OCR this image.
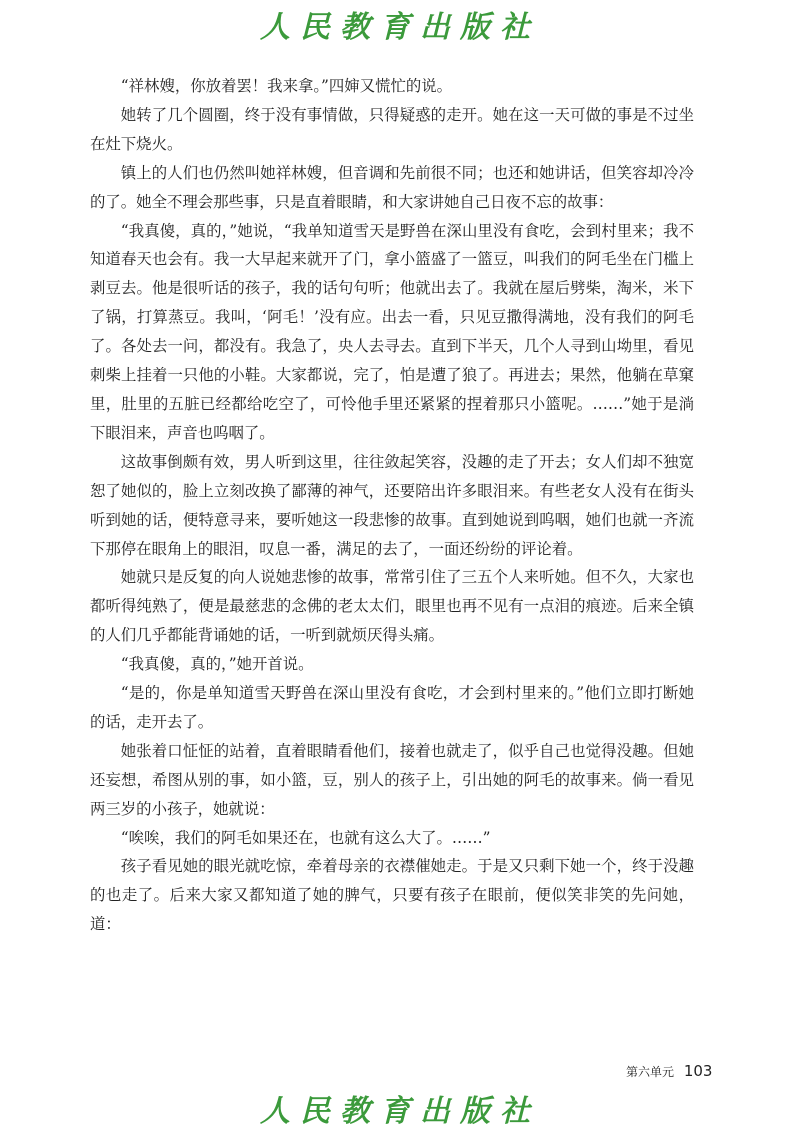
人民教育出版社

“祥林嫂，你放着罢！我来拿。”四婶又慌忙的说。

她转了几个圆圈，终于没有事情做，只得疑惑的走开。她在这一天可做的事是不过坐在灶下烧火。

镇上的人们也仍然叫她祥林嫂，但音调和先前很不同；也还和她讲话，但笑容却冷冷的了。她全不理会那些事，只是直着眼睛，和大家讲她自己日夜不忘的故事：

“我真傻，真的，”她说，“我单知道雪天是野兽在深山里没有食吃，会到村里来；我不知道春天也会有。我一大早起来就开了门，拿小篮盛了一篮豆，叫我们的阿毛坐在门槛上剥豆去。他是很听话的孩子，我的话句句听；他就出去了。我就在屋后劈柴，淘米，米下了锅，打算蒸豆。我叫，‘阿毛！’没有应。出去一看，只见豆撒得满地，没有我们的阿毛了。各处去一问，都没有。我急了，央人去寻去。直到下半天，几个人寻到山坳里，看见刺柴上挂着一只他的小鞋。大家都说，完了，怕是遭了狼了。再进去；果然，他躺在草窠里，肚里的五脏已经都给吃空了，可怜他手里还紧紧的捏着那只小篮呢。……”她于是淌下眼泪来，声音也呜咽了。

这故事倒颇有效，男人听到这里，往往敛起笑容，没趣的走了开去；女人们却不独宽恕了她似的，脸上立刻改换了鄙薄的神气，还要陪出许多眼泪来。有些老女人没有在街头听到她的话，便特意寻来，要听她这一段悲惨的故事。直到她说到呜咽，她们也就一齐流下那停在眼角上的眼泪，叹息一番，满足的去了，一面还纷纷的评论着。

她就只是反复的向人说她悲惨的故事，常常引住了三五个人来听她。但不久，大家也都听得纯熟了，便是最慈悲的念佛的老太太们，眼里也再不见有一点泪的痕迹。后来全镇的人们几乎都能背诵她的话，一听到就烦厌得头痛。

“我真傻，真的，”她开首说。

“是的，你是单知道雪天野兽在深山里没有食吃，才会到村里来的。”他们立即打断她的话，走开去了。

她张着口怔怔的站着，直着眼睛看他们，接着也就走了，似乎自己也觉得没趣。但她还妄想，希图从别的事，如小篮，豆，别人的孩子上，引出她的阿毛的故事来。倘一看见两三岁的小孩子，她就说：

“唉唉，我们的阿毛如果还在，也就有这么大了。……”

孩子看见她的眼光就吃惊，牵着母亲的衣襟催她走。于是又只剩下她一个，终于没趣的也走了。后来大家又都知道了她的脾气，只要有孩子在眼前，便似笑非笑的先问她，道：

第六单元 103
人民教育出版社
